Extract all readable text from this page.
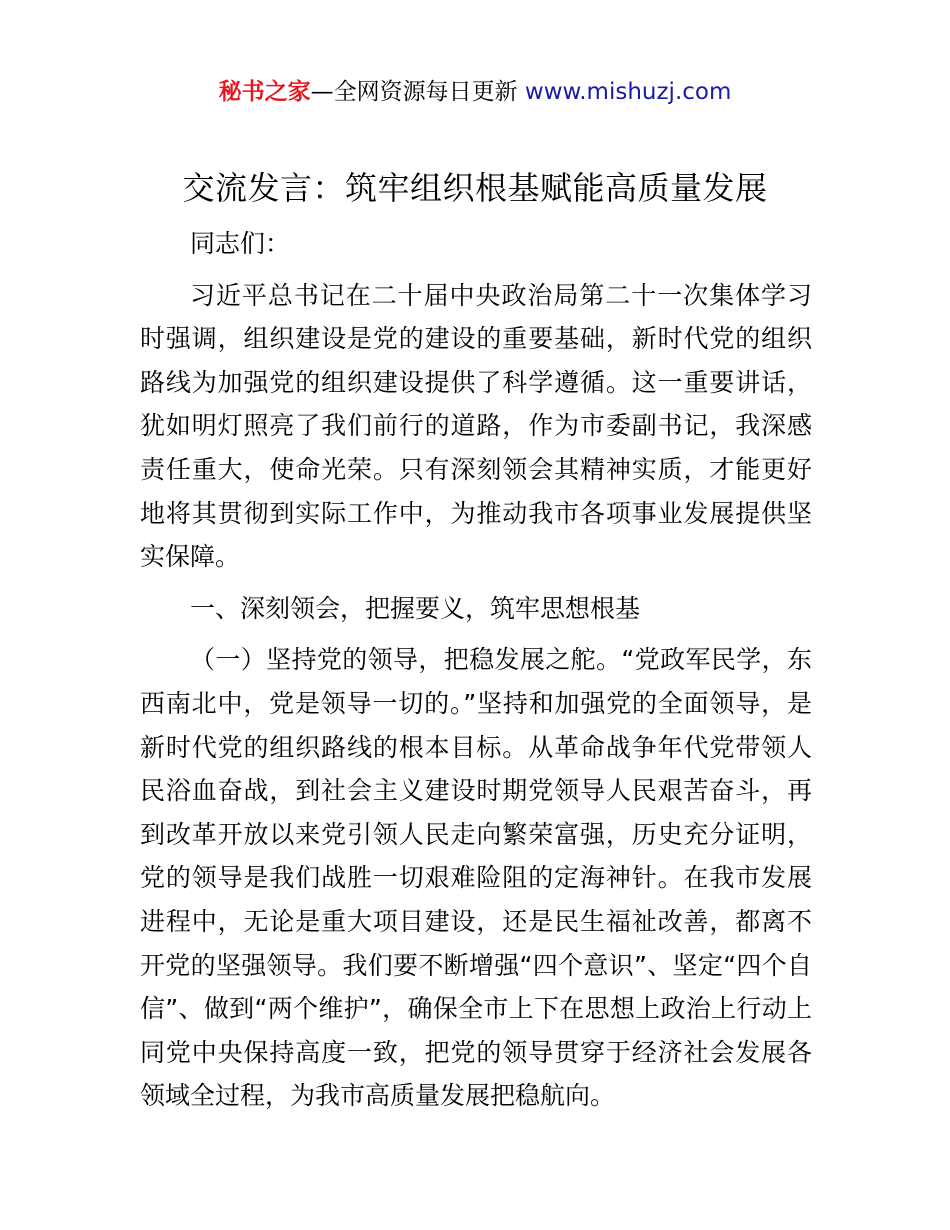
秘书之家—全网资源每日更新 www.mishuzj.com
交流发言：筑牢组织根基赋能高质量发展

同志们：

习近平总书记在二十届中央政治局第二十一次集体学习时强调，组织建设是党的建设的重要基础，新时代党的组织路线为加强党的组织建设提供了科学遵循。这一重要讲话，犹如明灯照亮了我们前行的道路，作为市委副书记，我深感责任重大，使命光荣。只有深刻领会其精神实质，才能更好地将其贯彻到实际工作中，为推动我市各项事业发展提供坚实保障。

一、深刻领会，把握要义，筑牢思想根基

（一）坚持党的领导，把稳发展之舵。“党政军民学，东西南北中，党是领导一切的。”坚持和加强党的全面领导，是新时代党的组织路线的根本目标。从革命战争年代党带领人民浴血奋战，到社会主义建设时期党领导人民艰苦奋斗，再到改革开放以来党引领人民走向繁荣富强，历史充分证明，党的领导是我们战胜一切艰难险阻的定海神针。在我市发展进程中，无论是重大项目建设，还是民生福祉改善，都离不开党的坚强领导。我们要不断增强“四个意识”、坚定“四个自信”、做到“两个维护”，确保全市上下在思想上政治上行动上同党中央保持高度一致，把党的领导贯穿于经济社会发展各领域全过程，为我市高质量发展把稳航向。
